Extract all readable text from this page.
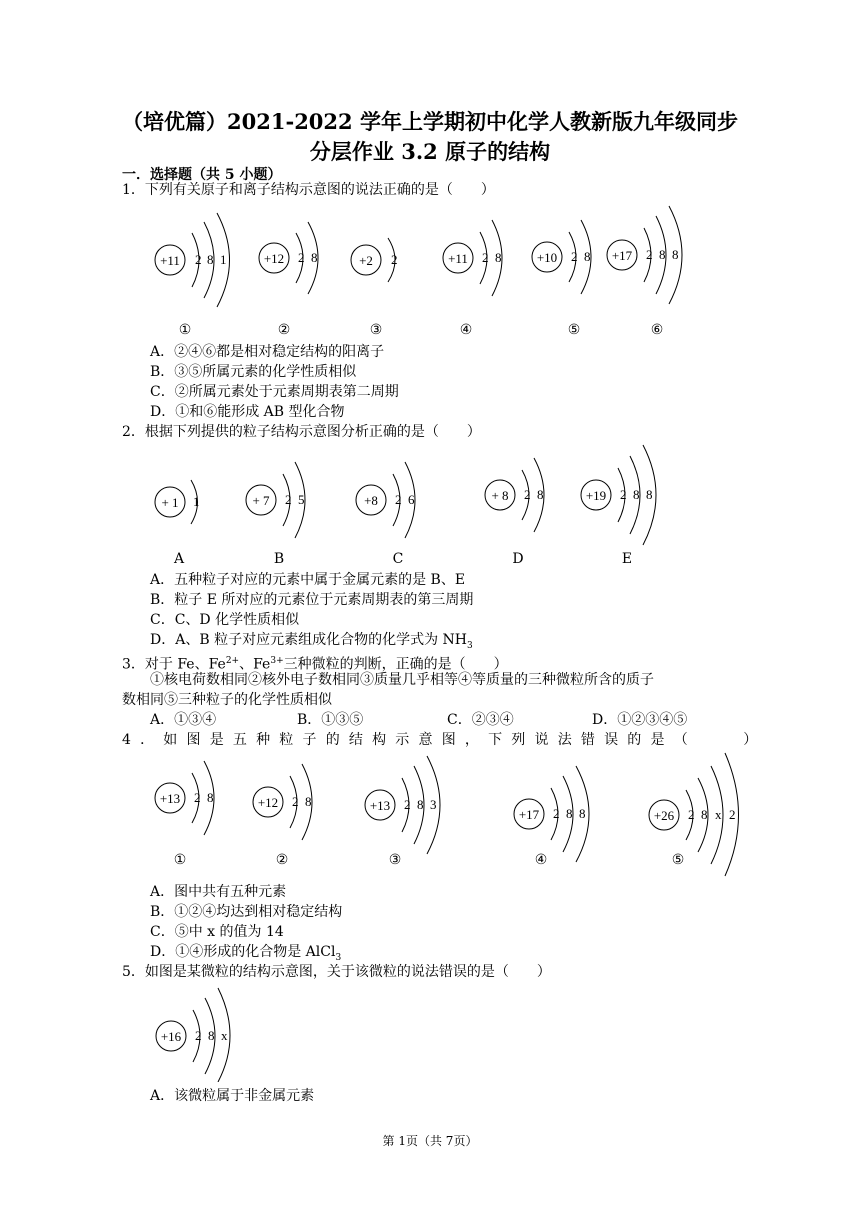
（培优篇）2021-2022 学年上学期初中化学人教新版九年级同步
分层作业 3.2 原子的结构
一．选择题（共 5 小题）
1．下列有关原子和离子结构示意图的说法正确的是（　　）
+11 2 8 1	+12 2 8	+2 2	+11 2 8	+10 2 8 +17 2 8 8
①	②	③	④	⑤	⑥
A．②④⑥都是相对稳定结构的阳离子
B．③⑤所属元素的化学性质相似
C．②所属元素处于元素周期表第二周期
D．①和⑥能形成 AB 型化合物
2．根据下列提供的粒子结构示意图分析正确的是（　　）
+ 1 1	+ 7 2 5	+8 2 6	+ 8 2 8	+19 2 8 8
A	B	C	D	E
A．五种粒子对应的元素中属于金属元素的是 B、E
B．粒子 E 所对应的元素位于元素周期表的第三周期
C．C、D 化学性质相似
D．A、B 粒子对应元素组成化合物的化学式为 $NH_3$
3．对于 Fe、$Fe^{2+}$、$Fe^{3+}$三种微粒的判断，正确的是（　　）
①核电荷数相同②核外电子数相同③质量几乎相等④等质量的三种微粒所含的质子
数相同⑤三种粒子的化学性质相似
A．①③④	B．①③⑤	C．②③④	D．①②③④⑤
4．如图是五种粒子的结构示意图，下列说法错误的是（　　）
+13 2 8	+12 2 8	+13 2 8 3
+17 2 8 8	+26 2 8 x 2
①	②	③	④	⑤
A．图中共有五种元素
B．①②④均达到相对稳定结构
C．⑤中 x 的值为 14
D．①④形成的化合物是 AlCl$_3$
5．如图是某微粒的结构示意图，关于该微粒的说法错误的是（　　）
+16 2 8 x
A．该微粒属于非金属元素
第 1页（共 7页）
